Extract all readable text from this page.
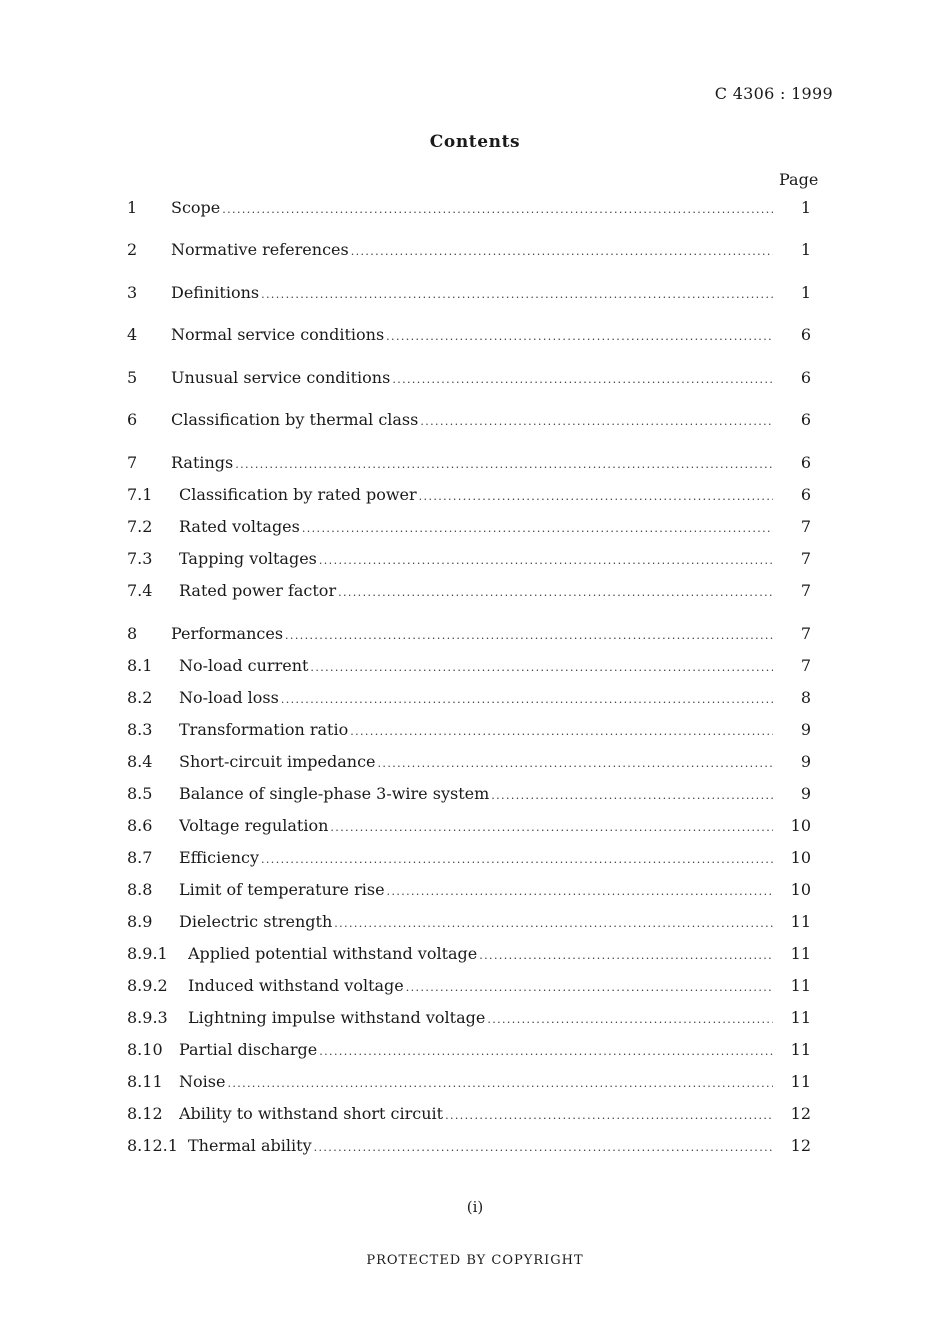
C 4306 : 1999
Contents
Page
1 Scope .....	1
2 Normative references .....	1
3 Definitions .....	1
4 Normal service conditions .....	6
5 Unusual service conditions .....	6
6 Classification by thermal class .....	6
7 Ratings .....	6
7.1 Classification by rated power .....	6
7.2 Rated voltages .....	7
7.3 Tapping voltages .....	7
7.4 Rated power factor .....	7
8 Performances .....	7
8.1 No-load current .....	7
8.2 No-load loss .....	8
8.3 Transformation ratio .....	9
8.4 Short-circuit impedance .....	9
8.5 Balance of single-phase 3-wire system .....	9
8.6 Voltage regulation .....	10
8.7 Efficiency .....	10
8.8 Limit of temperature rise .....	10
8.9 Dielectric strength .....	11
8.9.1 Applied potential withstand voltage .....	11
8.9.2 Induced withstand voltage .....	11
8.9.3 Lightning impulse withstand voltage .....	11
8.10 Partial discharge .....	11
8.11 Noise .....	11
8.12 Ability to withstand short circuit .....	12
8.12.1 Thermal ability .....	12
(i)
PROTECTED BY COPYRIGHT
